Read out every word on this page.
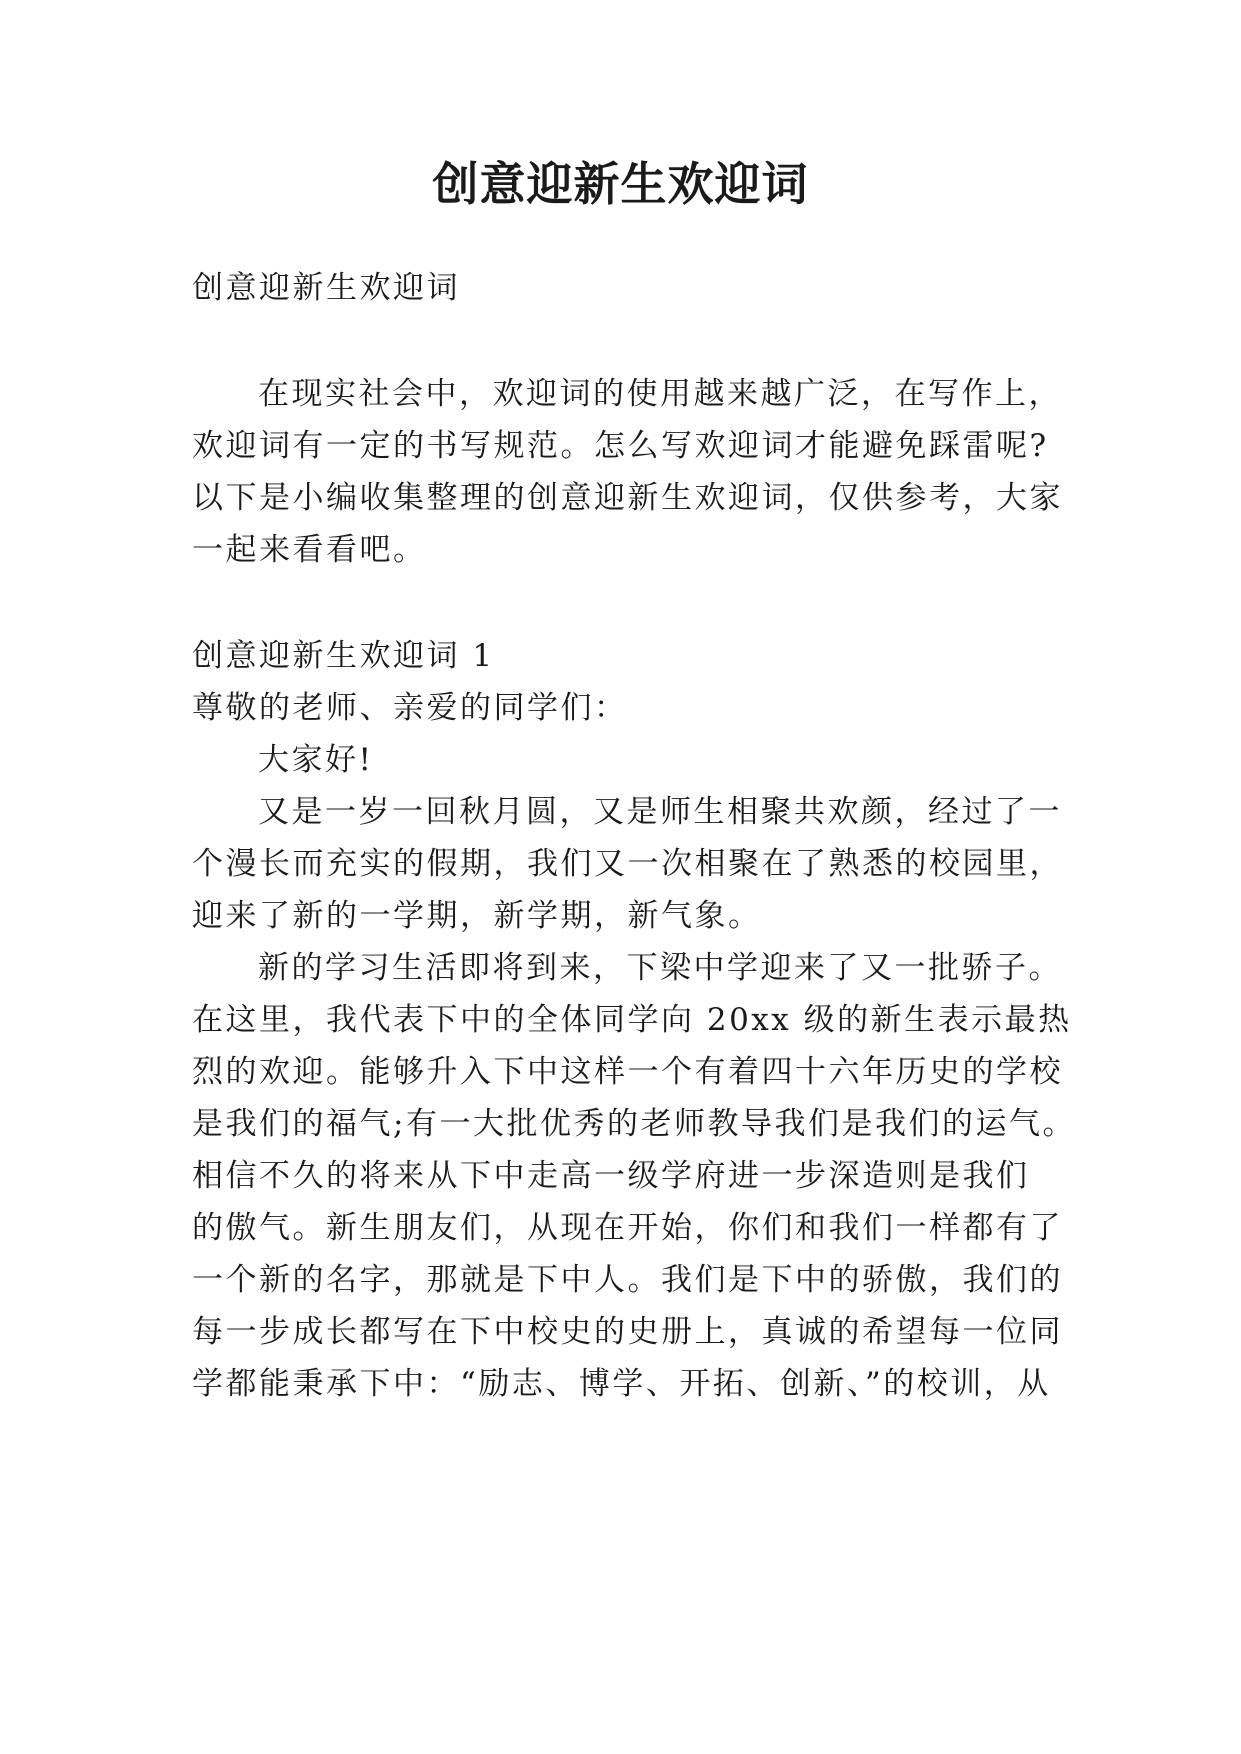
创意迎新生欢迎词
创意迎新生欢迎词
在现实社会中，欢迎词的使用越来越广泛，在写作上，
欢迎词有一定的书写规范。怎么写欢迎词才能避免踩雷呢?
以下是小编收集整理的创意迎新生欢迎词，仅供参考，大家
一起来看看吧。
创意迎新生欢迎词 1
尊敬的老师、亲爱的同学们：
大家好!
又是一岁一回秋月圆，又是师生相聚共欢颜，经过了一
个漫长而充实的假期，我们又一次相聚在了熟悉的校园里，
迎来了新的一学期，新学期，新气象。
新的学习生活即将到来，下梁中学迎来了又一批骄子。
在这里，我代表下中的全体同学向 20xx 级的新生表示最热
烈的欢迎。能够升入下中这样一个有着四十六年历史的学校
是我们的福气;有一大批优秀的老师教导我们是我们的运气。
相信不久的将来从下中走高一级学府进一步深造则是我们
的傲气。新生朋友们，从现在开始，你们和我们一样都有了
一个新的名字，那就是下中人。我们是下中的骄傲，我们的
每一步成长都写在下中校史的史册上，真诚的希望每一位同
学都能秉承下中：“励志、博学、开拓、创新、”的校训，从
